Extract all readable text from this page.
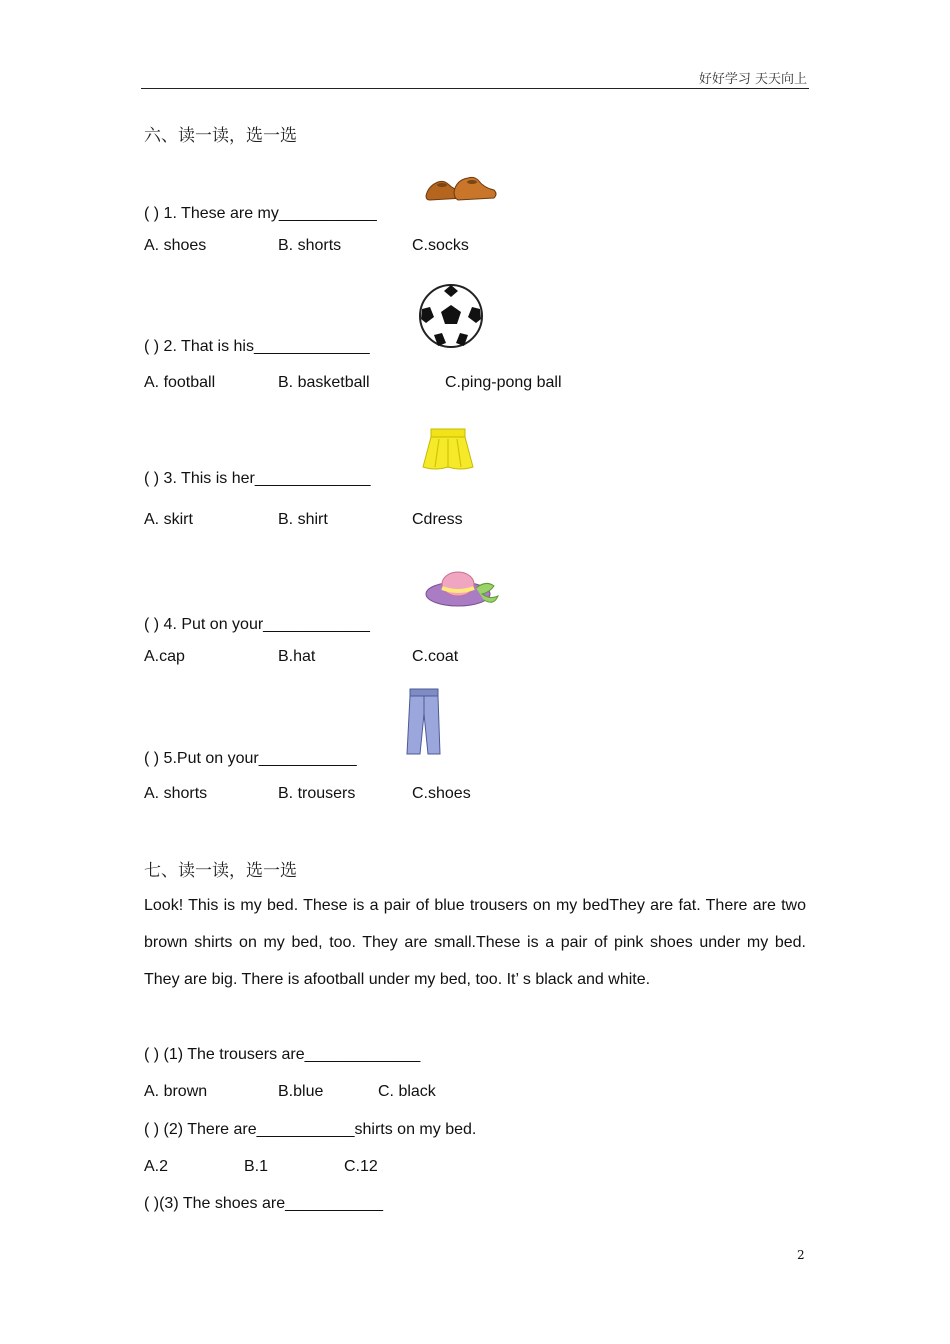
好好学习 天天向上
六、读一读，选一选
( ) 1. These are my___________
A. shoes	B. shorts	C.socks
( ) 2. That is his_____________
A. football	B. basketball	C.ping-pong ball
( ) 3. This is her_____________
A. skirt	B. shirt	Cdress
( ) 4. Put on your____________
A.cap	B.hat	C.coat
( ) 5.Put on your___________
A. shorts	B. trousers	C.shoes
七、读一读，选一选
Look! This is my bed. These is a pair of blue trousers on my bedThey are fat. There are two brown shirts on my bed, too. They are small.These is a pair of pink shoes under my bed. They are big. There is afootball under my bed, too. It’ s black and white.
( ) (1) The trousers are_____________
A. brown	B.blue	C. black
( ) (2) There are___________shirts on my bed.
A.2	B.1	C.12
( )(3) The shoes are___________
2
